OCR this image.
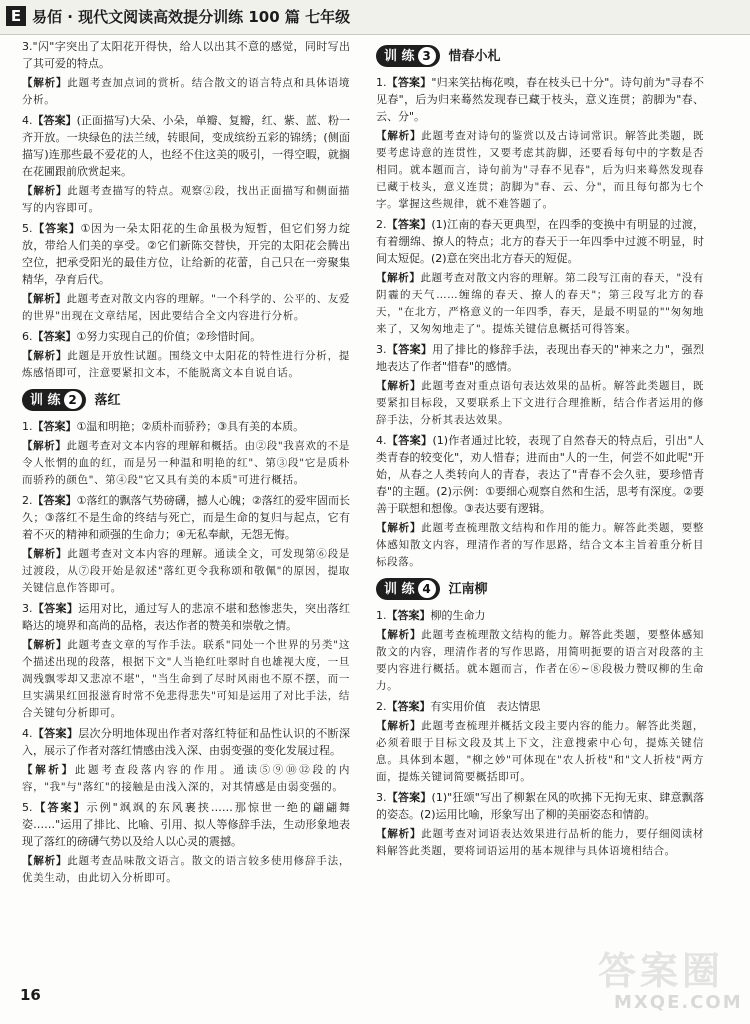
E 易佰 · 现代文阅读高效提分训练 100 篇 七年级

3."闪"字突出了太阳花开得快，给人以出其不意的感觉，同时写出了其可爱的特点。

【解析】此题考查加点词的赏析。结合散文的语言特点和具体语境分析。

4.【答案】(正面描写)大朵、小朵，单瓣、复瓣，红、紫、蓝、粉一齐开放。一块绿色的法兰绒，转眼间，变成缤纷五彩的锦绣；(侧面描写)连那些最不爱花的人，也经不住这美的吸引，一得空暇，就搁在花圃跟前欣赏起来。

【解析】此题考查描写的特点。观察②段，找出正面描写和侧面描写的内容即可。

5.【答案】①因为一朵太阳花的生命虽极为短暂，但它们努力绽放，带给人们美的享受。②它们新陈交替快，开完的太阳花会腾出空位，把承受阳光的最佳方位，让给新的花蕾，自己只在一旁聚集精华，孕育后代。

【解析】此题考查对散文内容的理解。"一个科学的、公平的、友爱的世界"出现在文章结尾，因此要结合全文内容进行分析。

6.【答案】①努力实现自己的价值；②珍惜时间。

【解析】此题是开放性试题。围绕文中太阳花的特性进行分析，提炼感悟即可，注意要紧扣文本，不能脱离文本自说自话。

训 练 2	落红

1.【答案】①温和明艳；②质朴而骄矜；③具有美的本质。

【解析】此题考查对文本内容的理解和概括。由②段"我喜欢的不是令人怅惘的血的红，而是另一种温和明艳的红"、第③段"它是质朴而骄矜的颜色"、第④段"它又具有美的本质"可进行概括。

2.【答案】①落红的飘落气势磅礴，撼人心魄；②落红的爱牢固而长久；③落红不是生命的终结与死亡，而是生命的复归与起点，它有着不灭的精神和顽强的生命力；④无私奉献，无怨无悔。

【解析】此题考查对文本内容的理解。通读全文，可发现第⑥段是过渡段，从⑦段开始是叙述"落红更令我称颂和敬佩"的原因，提取关键信息作答即可。

3.【答案】运用对比，通过写人的悲凉不堪和愁惨悲失，突出落红略达的境界和高尚的品格，表达作者的赞美和崇敬之情。

【解析】此题考查文章的写作手法。联系"同处一个世界的另类"这个描述出现的段落，根据下文"人当艳红吐翠时自也雄视大度，一旦凋残飘零却又悲凉不堪"，"当生命到了尽时风雨也不原不摆，而一旦实满果红回报滋育时常不免悲得悲失"可知是运用了对比手法，结合关键句分析即可。

4.【答案】层次分明地体现出作者对落红特征和品性认识的不断深入，展示了作者对落红情感由浅入深、由弱变强的变化发展过程。

【解析】此题考查段落内容的作用。通读⑤⑨⑩⑫段的内容，"我"与"落红"的接触是由浅入深的，对其情感是由弱变强的。

5.【答案】示例"飒飒的东风裹挟……那惊世一绝的翩翩舞姿……"运用了排比、比喻、引用、拟人等修辞手法，生动形象地表现了落红的磅礴气势以及给人以心灵的震撼。

【解析】此题考查品味散文语言。散文的语言较多使用修辞手法，优美生动，由此切入分析即可。

训 练 3	惜春小札

1.【答案】"归来笑拈梅花嗅，春在枝头已十分"。诗句前为"寻春不见春"，后为归来蓦然发现春已藏于枝头，意义连贯；韵脚为"春、云、分"。

【解析】此题考查对诗句的鉴赏以及古诗词常识。解答此类题，既要考虑诗意的连贯性，又要考虑其韵脚，还要看每句中的字数是否相同。就本题而言，诗句前为"寻春不见春"，后为归来蓦然发现春已藏于枝头，意义连贯；韵脚为"春、云、分"，而且每句都为七个字。掌握这些规律，就不难答题了。

2.【答案】(1)江南的春天更典型，在四季的变换中有明显的过渡，有着绷绵、撩人的特点；北方的春天于一年四季中过渡不明显，时间太短促。(2)意在突出北方春天的短促。

【解析】此题考查对散文内容的理解。第二段写江南的春天，"没有阴霾的天气……缠绵的春天、撩人的春天"；第三段写北方的春天，"在北方，严格意义的一年四季，春天，是最不明显的""匆匆地来了，又匆匆地走了"。提炼关键信息概括可得答案。

3.【答案】用了排比的修辞手法，表现出春天的"神来之力"，强烈地表达了作者"惜春"的感情。

【解析】此题考查对重点语句表达效果的品析。解答此类题目，既要紧扣目标段，又要联系上下文进行合理推断，结合作者运用的修辞手法，分析其表达效果。

4.【答案】(1)作者通过比较，表现了自然春天的特点后，引出"人类青春的较变化"，劝人惜春；进而由"人的一生，何尝不如此呢"开始，从春之人类转向人的青春，表达了"青春不会久驻，要珍惜青春"的主题。(2)示例：①要细心观察自然和生活，思考有深度。②要善于联想和想像。③表达要有逻辑。

【解析】此题考查梳理散文结构和作用的能力。解答此类题，要整体感知散文内容，理清作者的写作思路，结合文本主旨着重分析目标段落。

训 练 4	江南柳

1.【答案】柳的生命力

【解析】此题考查梳理散文结构的能力。解答此类题，要整体感知散文的内容，理清作者的写作思路，用简明扼要的语言对段落的主要内容进行概括。就本题而言，作者在⑥~⑧段极力赞叹柳的生命力。

2.【答案】有实用价值　表达情思

【解析】此题考查梳理并概括文段主要内容的能力。解答此类题，必须着眼于目标文段及其上下文，注意搜索中心句，提炼关键信息。具体到本题，"柳之妙"可体现在"农人折枝"和"文人折枝"两方面，提炼关键词简要概括即可。

3.【答案】(1)"狂颂"写出了柳絮在风的吹拂下无拘无束、肆意飘落的姿态。(2)运用比喻，形象写出了柳的美丽姿态和情韵。

【解析】此题考查对词语表达效果进行品析的能力，要仔细阅读材料解答此类题，要将词语运用的基本规律与具体语境相结合。

16
答案圈
MXQE.COM
